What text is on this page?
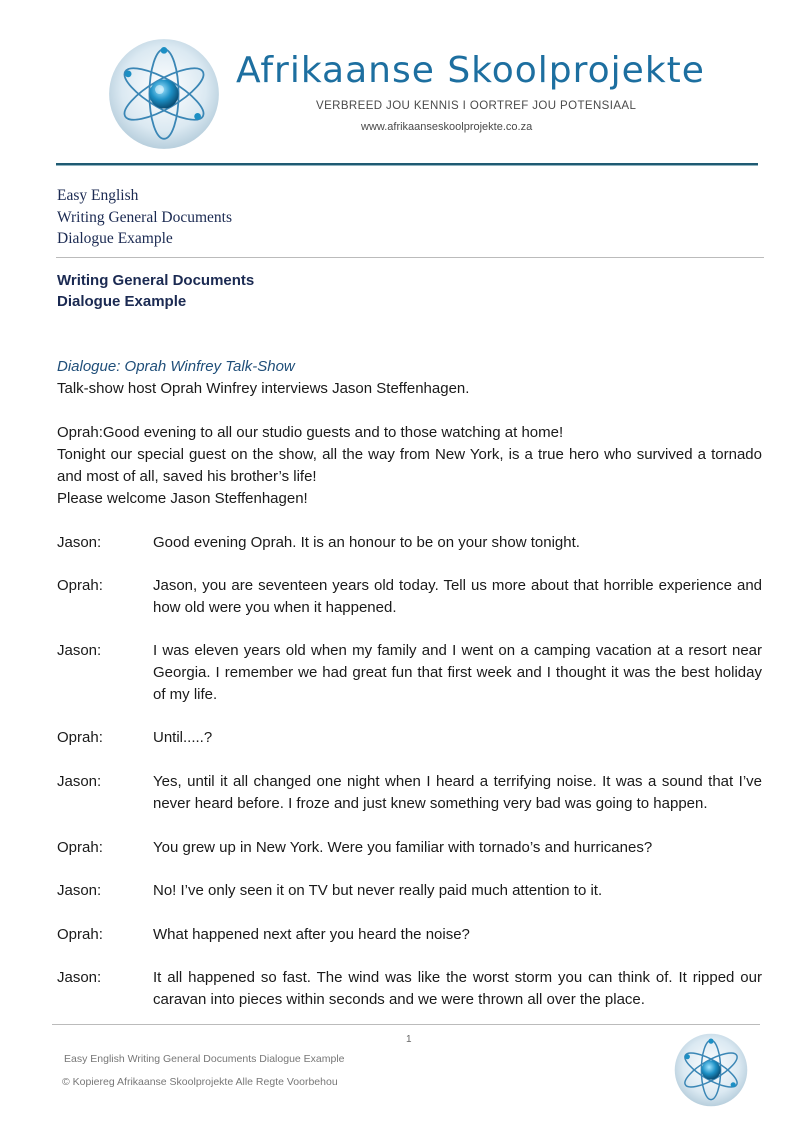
Afrikaanse Skoolprojekte
VERBREED JOU KENNIS I OORTREF JOU POTENSIAAL
www.afrikaanseskoolprojekte.co.za
Easy English
Writing General Documents
Dialogue Example
Writing General Documents
Dialogue Example
Dialogue: Oprah Winfrey Talk-Show
Talk-show host Oprah Winfrey interviews Jason Steffenhagen.

Oprah:Good evening to all our studio guests and to those watching at home!

Tonight our special guest on the show, all the way from New York, is a true hero who survived a tornado and most of all, saved his brother’s life!

Please welcome Jason Steffenhagen!

Jason:	Good evening Oprah. It is an honour to be on your show tonight.
Oprah:	Jason, you are seventeen years old today. Tell us more about that horrible experience and how old were you when it happened.
Jason:	I was eleven years old when my family and I went on a camping vacation at a resort near Georgia. I remember we had great fun that first week and I thought it was the best holiday of my life.
Oprah:	Until.....?
Jason:	Yes, until it all changed one night when I heard a terrifying noise. It was a sound that I’ve never heard before. I froze and just knew something very bad was going to happen.
Oprah:	You grew up in New York. Were you familiar with tornado’s and hurricanes?
Jason:	No! I’ve only seen it on TV but never really paid much attention to it.
Oprah:	What happened next after you heard the noise?
Jason:	It all happened so fast. The wind was like the worst storm you can think of. It ripped our caravan into pieces within seconds and we were thrown all over the place.
1
Easy English Writing General Documents Dialogue Example
© Kopiereg Afrikaanse Skoolprojekte Alle Regte Voorbehou
